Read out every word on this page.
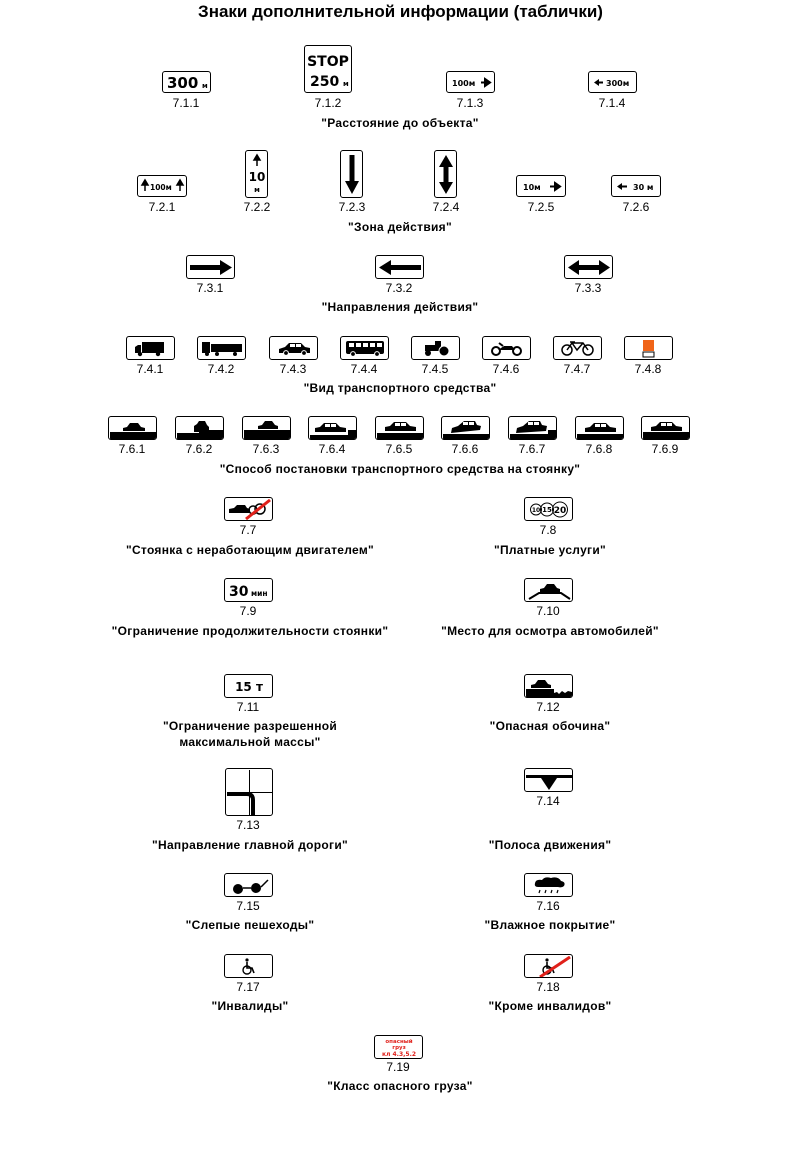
Знаки дополнительной информации (таблички)
300 м
7.1.1
STOP
250 м
7.1.2
100м
7.1.3
300м
7.1.4
"Расстояние до объекта"
100м
7.2.1
10
м
7.2.2	7.2.3	7.2.4
10м
7.2.5
30 м
7.2.6
"Зона действия"
7.3.1	7.3.2	7.3.3
"Направления действия"
7.4.1	7.4.2	7.4.3	7.4.4	7.4.5	7.4.6	7.4.7	7.4.8
"Вид транспортного средства"
7.6.1	7.6.2	7.6.3	7.6.4	7.6.5	7.6.6	7.6.7	7.6.8	7.6.9
"Способ постановки транспортного средства на стоянку"
7.7
"Стоянка с неработающим двигателем"
10 15 20
7.8
"Платные услуги"
30 мин
7.9
"Ограничение продолжительности стоянки"
7.10
"Место для осмотра автомобилей"
15 т
7.11
"Ограничение разрешенной
максимальной массы"
7.12
"Опасная обочина"
7.13
"Направление главной дороги"
7.14
"Полоса движения"
7.15
"Слепые пешеходы"
7.16
"Влажное покрытие"
7.17
"Инвалиды"
7.18
"Кроме инвалидов"
опасный
груз
кл 4.3,5.2
7.19
"Класс опасного груза"
